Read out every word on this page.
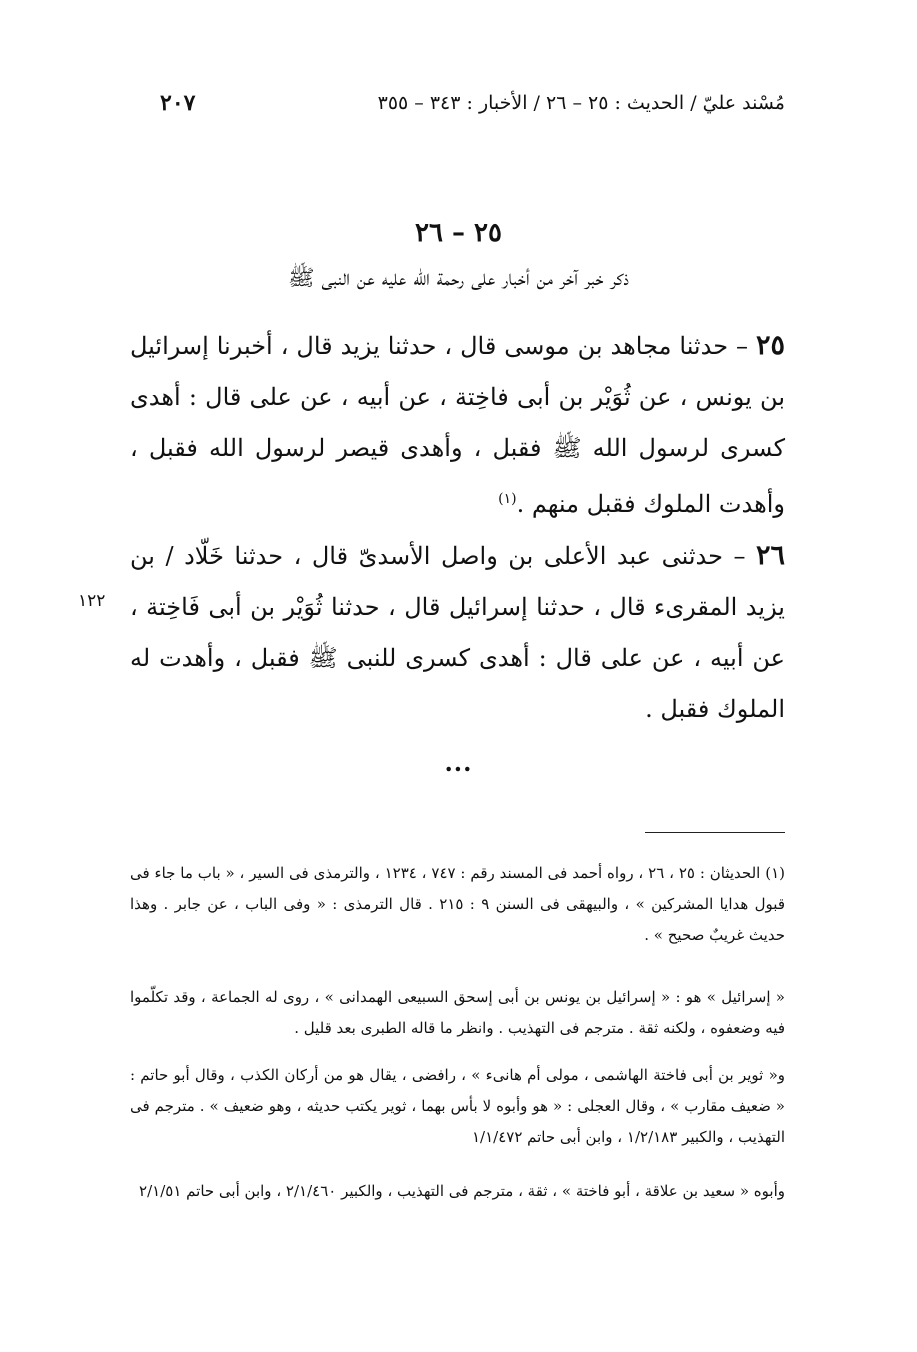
مُسْند عليّ / الحديث : ٢٥ – ٢٦ / الأخبار : ٣٤٣ – ٣٥٥
٢٠٧
٢٥ – ٢٦
ذكر خبر آخر من أخبار على رحمة الله عليه عن النبى ﷺ
٢٥ – حدثنا مجاهد بن موسى قال ، حدثنا يزيد قال ، أخبرنا إسرائيل بن يونس ، عن ثُوَيْر بن أبى فاخِتة ، عن أبيه ، عن على قال : أهدى كسرى لرسول الله ﷺ فقبل ، وأهدى قيصر لرسول الله فقبل ، وأهدت الملوك فقبل منهم .$^{(١)}$
٢٦ – حدثنى عبد الأعلى بن واصل الأسدىّ قال ، حدثنا خَلّاد / بن يزيد المقرىء قال ، حدثنا إسرائيل قال ، حدثنا ثُوَيْر بن أبى فَاخِتة ، عن أبيه ، عن على قال : أهدى كسرى للنبى ﷺ فقبل ، وأهدت له الملوك فقبل .
١٢٢
...
(١) الحديثان : ٢٥ ، ٢٦ ، رواه أحمد فى المسند رقم : ٧٤٧ ، ١٢٣٤ ، والترمذى فى السير ، « باب ما جاء فى قبول هدايا المشركين » ، والبيهقى فى السنن ٩ : ٢١٥ . قال الترمذى : « وفى الباب ، عن جابر . وهذا حديث غريبٌ صحيح » .
« إسرائيل » هو : « إسرائيل بن يونس بن أبى إسحق السبيعى الهمدانى » ، روى له الجماعة ، وقد تكلّموا فيه وضعفوه ، ولكنه ثقة . مترجم فى التهذيب . وانظر ما قاله الطبرى بعد قليل .
و« ثوير بن أبى فاختة الهاشمى ، مولى أم هانىء » ، رافضى ، يقال هو من أركان الكذب ، وقال أبو حاتم : « ضعيف مقارب » ، وقال العجلى : « هو وأبوه لا بأس بهما ، ثوير يكتب حديثه ، وهو ضعيف » . مترجم فى التهذيب ، والكبير ١/٢/١٨٣ ، وابن أبى حاتم ١/١/٤٧٢
وأبوه « سعيد بن علاقة ، أبو فاختة » ، ثقة ، مترجم فى التهذيب ، والكبير ٢/١/٤٦٠ ، وابن أبى حاتم ٢/١/٥١
